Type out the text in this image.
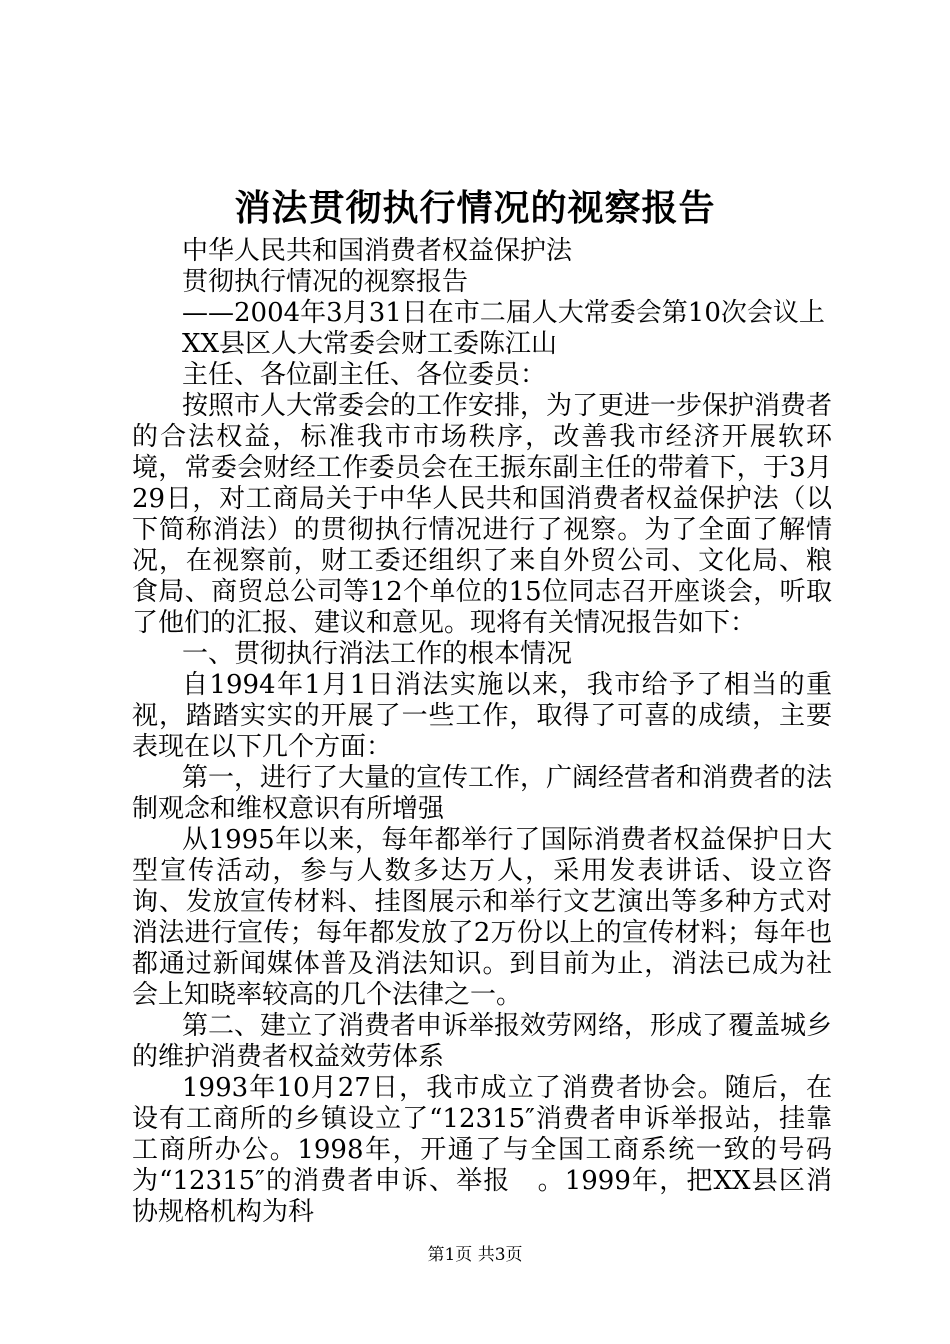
消法贯彻执行情况的视察报告

中华人民共和国消费者权益保护法

贯彻执行情况的视察报告

——2004年3月31日在市二届人大常委会第10次会议上

XX县区人大常委会财工委陈江山

主任、各位副主任、各位委员：

按照市人大常委会的工作安排，为了更进一步保护消费者的合法权益，标准我市市场秩序，改善我市经济开展软环境，常委会财经工作委员会在王振东副主任的带着下，于3月29日，对工商局关于中华人民共和国消费者权益保护法（以下简称消法）的贯彻执行情况进行了视察。为了全面了解情况，在视察前，财工委还组织了来自外贸公司、文化局、粮食局、商贸总公司等12个单位的15位同志召开座谈会，听取了他们的汇报、建议和意见。现将有关情况报告如下：

一、贯彻执行消法工作的根本情况

自1994年1月1日消法实施以来，我市给予了相当的重视，踏踏实实的开展了一些工作，取得了可喜的成绩，主要表现在以下几个方面：

第一，进行了大量的宣传工作，广阔经营者和消费者的法制观念和维权意识有所增强

从1995年以来，每年都举行了国际消费者权益保护日大型宣传活动，参与人数多达万人，采用发表讲话、设立咨询、发放宣传材料、挂图展示和举行文艺演出等多种方式对消法进行宣传；每年都发放了2万份以上的宣传材料；每年也都通过新闻媒体普及消法知识。到目前为止，消法已成为社会上知晓率较高的几个法律之一。

第二、建立了消费者申诉举报效劳网络，形成了覆盖城乡的维护消费者权益效劳体系

1993年10月27日，我市成立了消费者协会。随后，在设有工商所的乡镇设立了“12315″消费者申诉举报站，挂靠工商所办公。1998年，开通了与全国工商系统一致的号码为“12315″的消费者申诉、举报　。1999年，把XX县区消协规格机构为科

第1页 共3页
